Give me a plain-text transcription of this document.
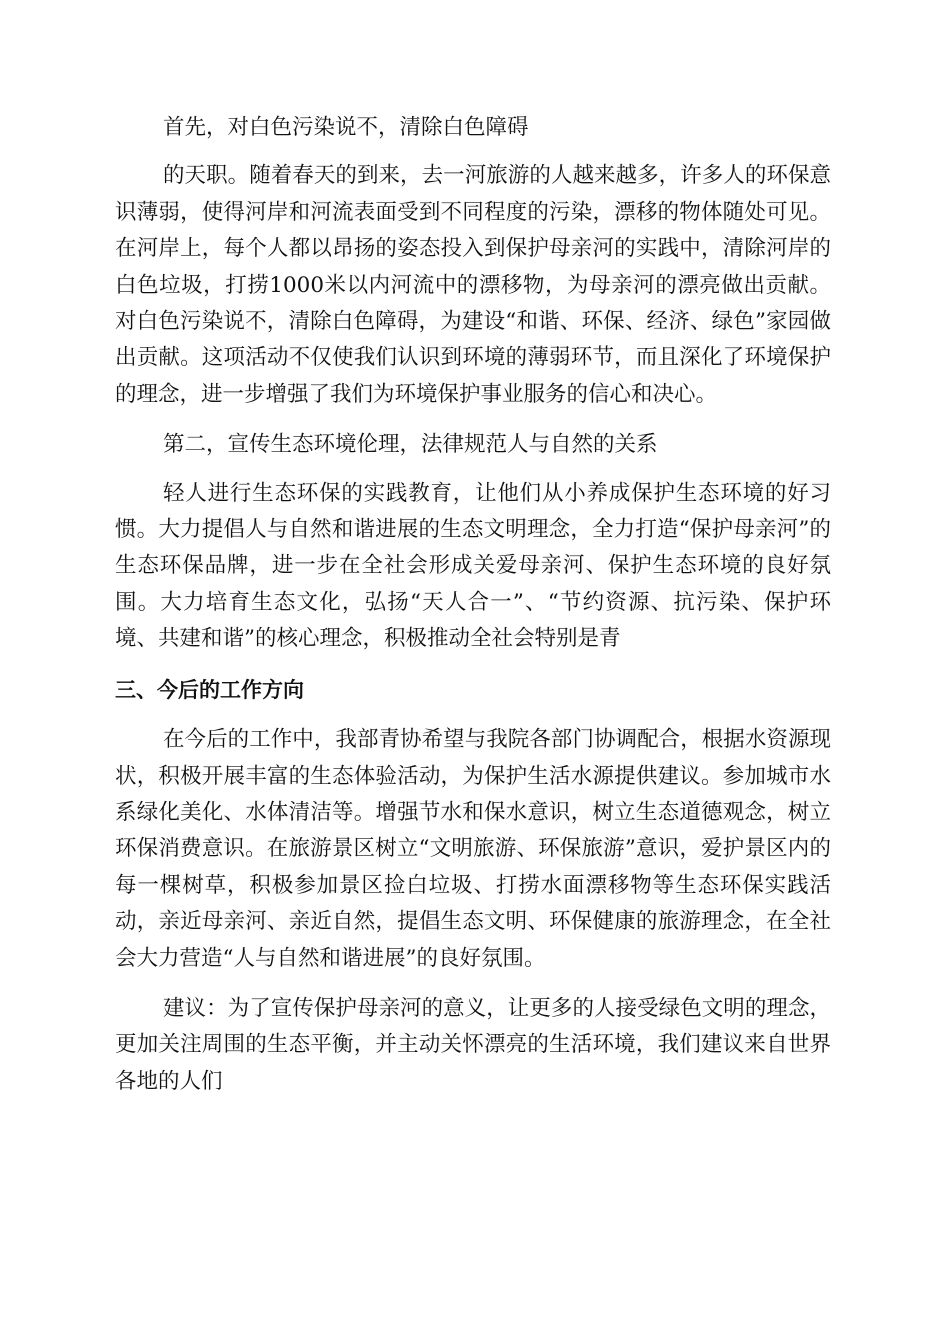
首先，对白色污染说不，清除白色障碍

的天职。随着春天的到来，去一河旅游的人越来越多，许多人的环保意识薄弱，使得河岸和河流表面受到不同程度的污染，漂移的物体随处可见。在河岸上，每个人都以昂扬的姿态投入到保护母亲河的实践中，清除河岸的白色垃圾，打捞1000米以内河流中的漂移物，为母亲河的漂亮做出贡献。对白色污染说不，清除白色障碍，为建设“和谐、环保、经济、绿色”家园做出贡献。这项活动不仅使我们认识到环境的薄弱环节，而且深化了环境保护的理念，进一步增强了我们为环境保护事业服务的信心和决心。

第二，宣传生态环境伦理，法律规范人与自然的关系

轻人进行生态环保的实践教育，让他们从小养成保护生态环境的好习惯。大力提倡人与自然和谐进展的生态文明理念，全力打造“保护母亲河”的生态环保品牌，进一步在全社会形成关爱母亲河、保护生态环境的良好氛围。大力培育生态文化，弘扬“天人合一”、“节约资源、抗污染、保护环境、共建和谐”的核心理念，积极推动全社会特别是青

三、今后的工作方向

在今后的工作中，我部青协希望与我院各部门协调配合，根据水资源现状，积极开展丰富的生态体验活动，为保护生活水源提供建议。参加城市水系绿化美化、水体清洁等。增强节水和保水意识，树立生态道德观念，树立环保消费意识。在旅游景区树立“文明旅游、环保旅游”意识，爱护景区内的每一棵树草，积极参加景区捡白垃圾、打捞水面漂移物等生态环保实践活动，亲近母亲河、亲近自然，提倡生态文明、环保健康的旅游理念，在全社会大力营造“人与自然和谐进展”的良好氛围。

建议：为了宣传保护母亲河的意义，让更多的人接受绿色文明的理念，更加关注周围的生态平衡，并主动关怀漂亮的生活环境，我们建议来自世界各地的人们
